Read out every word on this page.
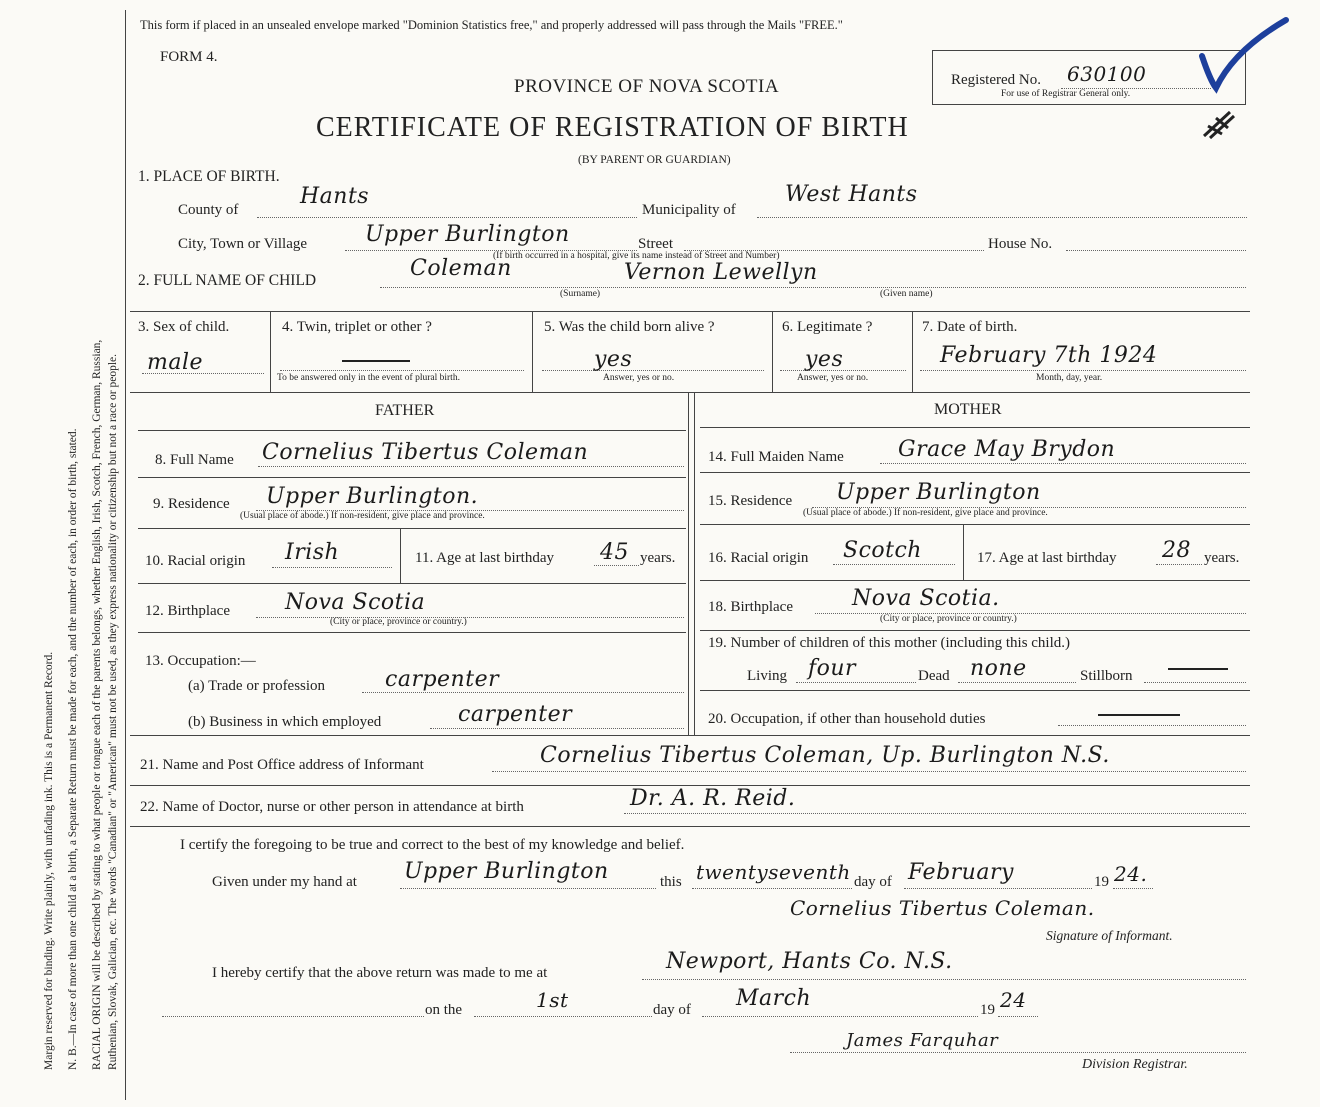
Margin reserved for binding. Write plainly, with unfading ink. This is a Permanent Record. N. B.—In case of more than one child at a birth, a Separate Return must be made for each, and the number of each, in order of birth, stated. RACIAL ORIGIN will be described by stating to what people or tongue each of the parents belongs, whether English, Irish, Scotch, French, German, Russian, Ruthenian, Slovak, Galician, etc. The words "Canadian" or "American" must not be used, as they express nationality or citizenship but not a race or people.
This form if placed in an unsealed envelope marked "Dominion Statistics free," and properly addressed will pass through the Mails "FREE."
FORM 4.
PROVINCE OF NOVA SCOTIA
CERTIFICATE OF REGISTRATION OF BIRTH
(BY PARENT OR GUARDIAN)
Registered No. 630100
For use of Registrar General only.
1. PLACE OF BIRTH.
County of
Hants
Municipality of
West Hants
City, Town or Village	Upper Burlington	Street	House No.
(If birth occurred in a hospital, give its name instead of Street and Number)
2. FULL NAME OF CHILD	Coleman	Vernon Lewellyn
(Surname)	(Given name)
3. Sex of child.
male
4. Twin, triplet or other ?
To be answered only in the event of plural birth.
5. Was the child born alive ?
yes
Answer, yes or no.
6. Legitimate ?
yes
Answer, yes or no.
7. Date of birth.
February 7th 1924
Month, day, year.
FATHER	MOTHER
8. Full Name Cornelius Tibertus Coleman
9. Residence Upper Burlington.
(Usual place of abode.) If non-resident, give place and province.
10. Racial origin Irish	11. Age at last birthday 45 years.
12. Birthplace	Nova Scotia
(City or place, province or country.)
13. Occupation:—
(a) Trade or profession	carpenter
(b) Business in which employed	carpenter
14. Full Maiden Name Grace May Brydon
15. Residence Upper Burlington
(Usual place of abode.) If non-resident, give place and province.
16. Racial origin Scotch	17. Age at last birthday 28 years.
18. Birthplace	Nova Scotia.
(City or place, province or country.)
19. Number of children of this mother (including this child.)
Living four	Dead none	Stillborn
20. Occupation, if other than household duties
21. Name and Post Office address of Informant	Cornelius Tibertus Coleman, Up. Burlington N.S.
22. Name of Doctor, nurse or other person in attendance at birth	Dr. A. R. Reid.
I certify the foregoing to be true and correct to the best of my knowledge and belief.
Given under my hand at Upper Burlington	this twentyseventh day of February	19 24.
Cornelius Tibertus Coleman.
Signature of Informant.
I hereby certify that the above return was made to me at	Newport, Hants Co. N.S.
on the	1st	day of March	19 24
James Farquhar
Division Registrar.
